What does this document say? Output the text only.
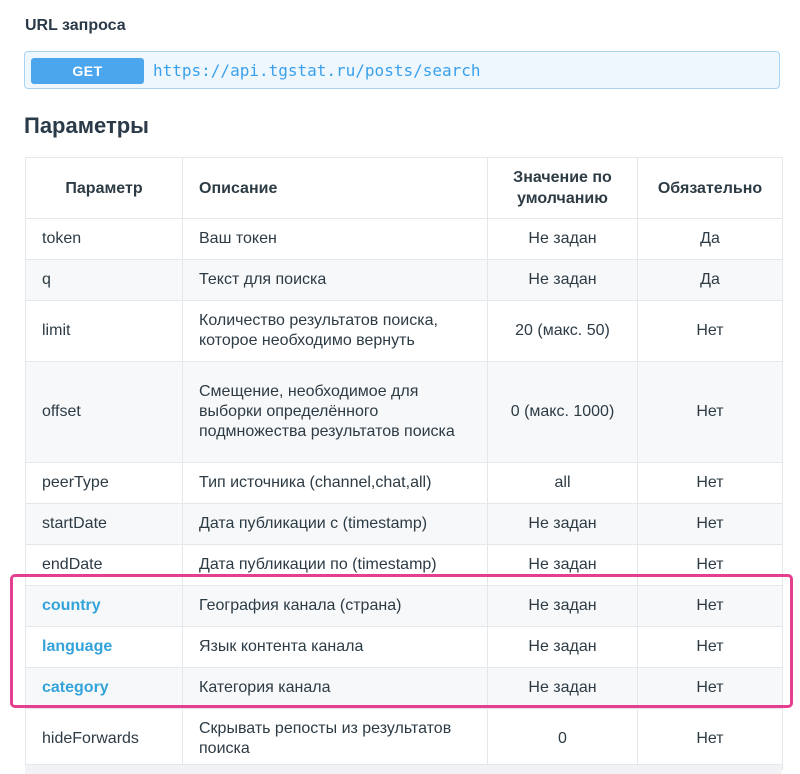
URL запроса
GET	https://api.tgstat.ru/posts/search
Параметры
Параметр	Описание	Значение по умолчанию	Обязательно
token	Ваш токен	Не задан	Да
q	Текст для поиска	Не задан	Да
limit	Количество результатов поиска, которое необходимо вернуть	20 (макс. 50)	Нет
offset	Смещение, необходимое для выборки определённого подмножества результатов поиска	0 (макс. 1000)	Нет
peerType	Тип источника (channel,chat,all)	all	Нет
startDate	Дата публикации с (timestamp)	Не задан	Нет
endDate	Дата публикации по (timestamp)	Не задан	Нет
country	География канала (страна)	Не задан	Нет
language	Язык контента канала	Не задан	Нет
category	Категория канала	Не задан	Нет
hideForwards	Скрывать репосты из результатов поиска	0	Нет
